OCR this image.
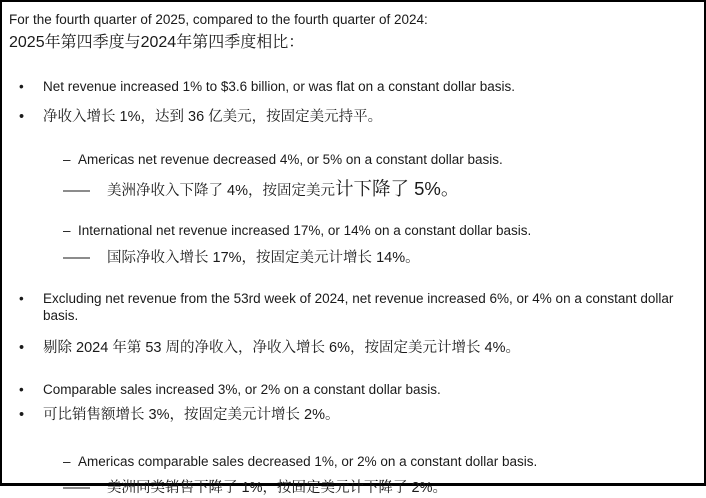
For the fourth quarter of 2025, compared to the fourth quarter of 2024:
2025年第四季度与2024年第四季度相比：
•	Net revenue increased 1% to $3.6 billion, or was flat on a constant dollar basis.
•	净收入增长 1%，达到 36 亿美元，按固定美元持平。
– Americas net revenue decreased 4%, or 5% on a constant dollar basis.
——	美洲净收入下降了 4%，按固定美元计下降了 5%。
– International net revenue increased 17%, or 14% on a constant dollar basis.
——	国际净收入增长 17%，按固定美元计增长 14%。
•	Excluding net revenue from the 53rd week of 2024, net revenue increased 6%, or 4% on a constant dollar basis.
•	剔除 2024 年第 53 周的净收入，净收入增长 6%，按固定美元计增长 4%。
•	Comparable sales increased 3%, or 2% on a constant dollar basis.
•	可比销售额增长 3%，按固定美元计增长 2%。
– Americas comparable sales decreased 1%, or 2% on a constant dollar basis.
——	美洲同类销售下降了 1%，按固定美元计下降了 2%。
